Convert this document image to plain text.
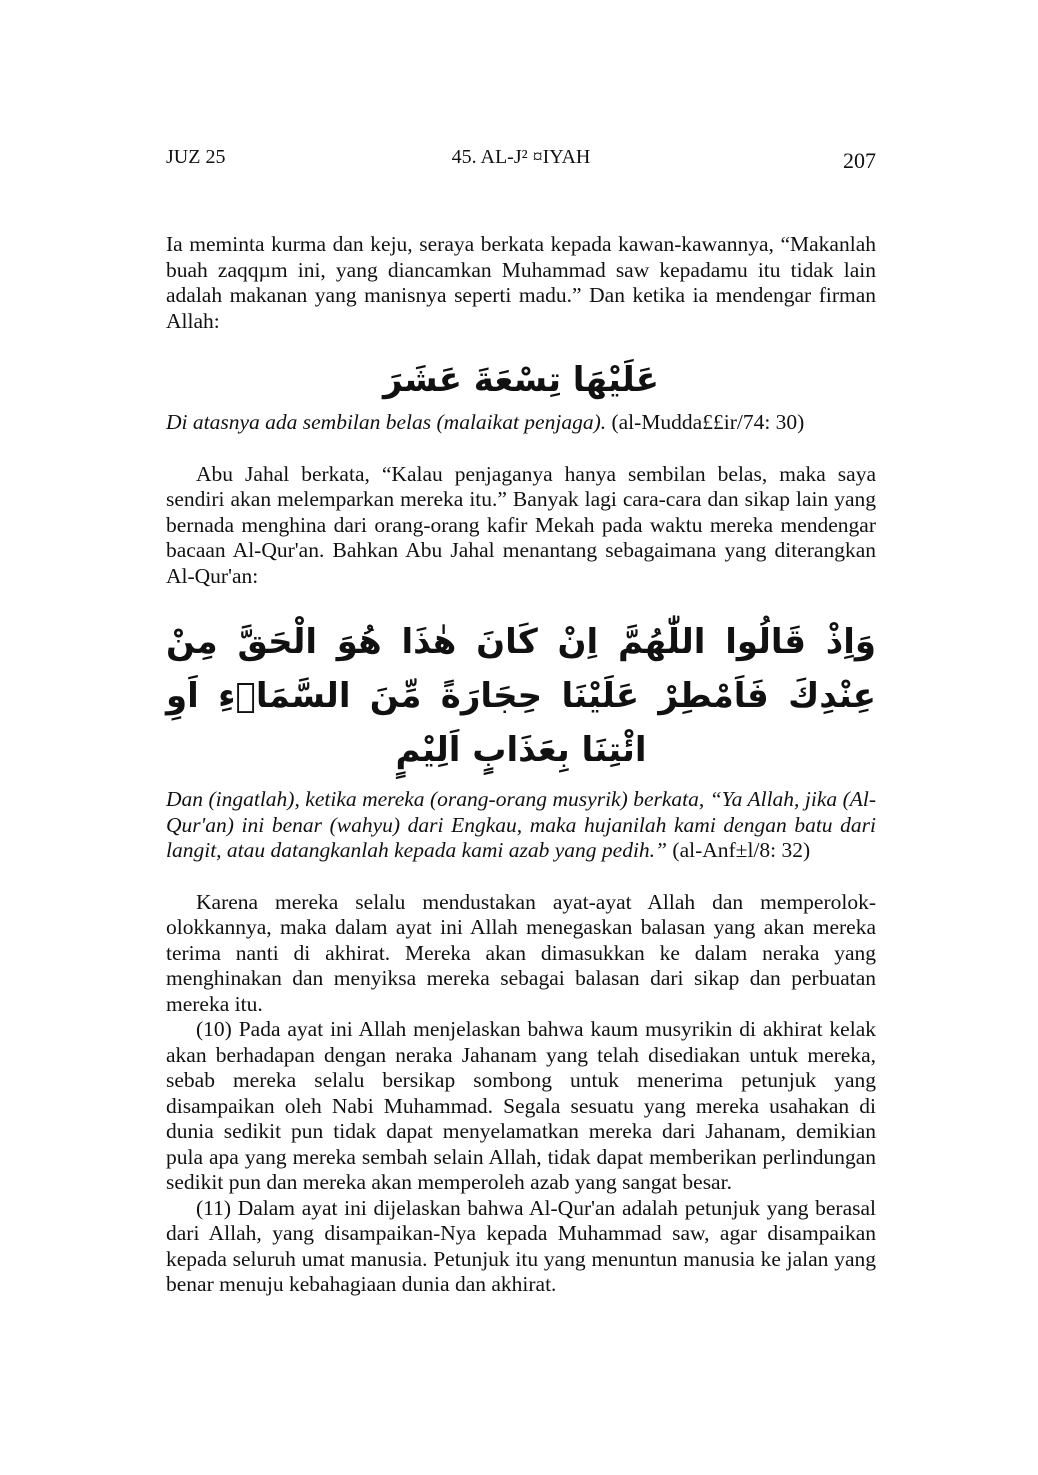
JUZ 25	45. AL-J² ¤IYAH	207

Ia meminta kurma dan keju, seraya berkata kepada kawan-kawannya, “Makanlah buah zaqqµm ini, yang diancamkan Muhammad saw kepadamu itu tidak lain adalah makanan yang manisnya seperti madu.” Dan ketika ia mendengar firman Allah:

عَلَيْهَا تِسْعَةَ عَشَرَ

Di atasnya ada sembilan belas (malaikat penjaga). (al-Mudda££ir/74: 30)

Abu Jahal berkata, “Kalau penjaganya hanya sembilan belas, maka saya sendiri akan melemparkan mereka itu.” Banyak lagi cara-cara dan sikap lain yang bernada menghina dari orang-orang kafir Mekah pada waktu mereka mendengar bacaan Al-Qur'an. Bahkan Abu Jahal menantang sebagaimana yang diterangkan Al-Qur'an:

وَاِذْ قَالُوا اللّٰهُمَّ اِنْ كَانَ هٰذَا هُوَ الْحَقَّ مِنْ عِنْدِكَ فَاَمْطِرْ عَلَيْنَا حِجَارَةً مِّنَ السَّمَاۤءِ اَوِ ائْتِنَا بِعَذَابٍ اَلِيْمٍ

Dan (ingatlah), ketika mereka (orang-orang musyrik) berkata, “Ya Allah, jika (Al-Qur'an) ini benar (wahyu) dari Engkau, maka hujanilah kami dengan batu dari langit, atau datangkanlah kepada kami azab yang pedih.” (al-Anf±l/8: 32)

Karena mereka selalu mendustakan ayat-ayat Allah dan memperolok-olokkannya, maka dalam ayat ini Allah menegaskan balasan yang akan mereka terima nanti di akhirat. Mereka akan dimasukkan ke dalam neraka yang menghinakan dan menyiksa mereka sebagai balasan dari sikap dan perbuatan mereka itu.

(10) Pada ayat ini Allah menjelaskan bahwa kaum musyrikin di akhirat kelak akan berhadapan dengan neraka Jahanam yang telah disediakan untuk mereka, sebab mereka selalu bersikap sombong untuk menerima petunjuk yang disampaikan oleh Nabi Muhammad. Segala sesuatu yang mereka usahakan di dunia sedikit pun tidak dapat menyelamatkan mereka dari Jahanam, demikian pula apa yang mereka sembah selain Allah, tidak dapat memberikan perlindungan sedikit pun dan mereka akan memperoleh azab yang sangat besar.

(11) Dalam ayat ini dijelaskan bahwa Al-Qur'an adalah petunjuk yang berasal dari Allah, yang disampaikan-Nya kepada Muhammad saw, agar disampaikan kepada seluruh umat manusia. Petunjuk itu yang menuntun manusia ke jalan yang benar menuju kebahagiaan dunia dan akhirat.
